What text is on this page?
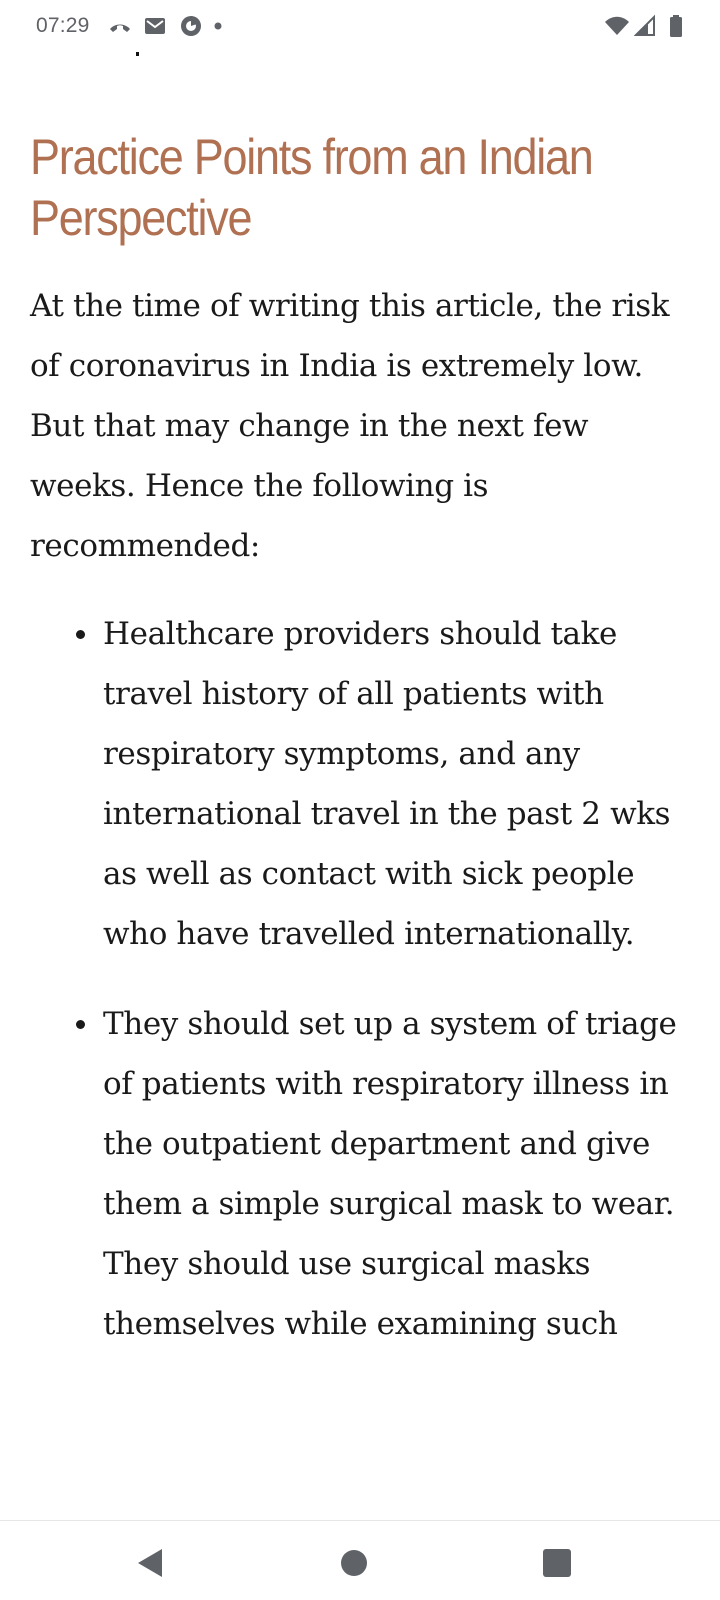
07:29
Practice Points from an Indian Perspective

At the time of writing this article, the risk of coronavirus in India is extremely low. But that may change in the next few weeks. Hence the following is recommended:

Healthcare providers should take travel history of all patients with respiratory symptoms, and any international travel in the past 2 wks as well as contact with sick people who have travelled internationally.
They should set up a system of triage of patients with respiratory illness in the outpatient department and give them a simple surgical mask to wear. They should use surgical masks themselves while examining such
